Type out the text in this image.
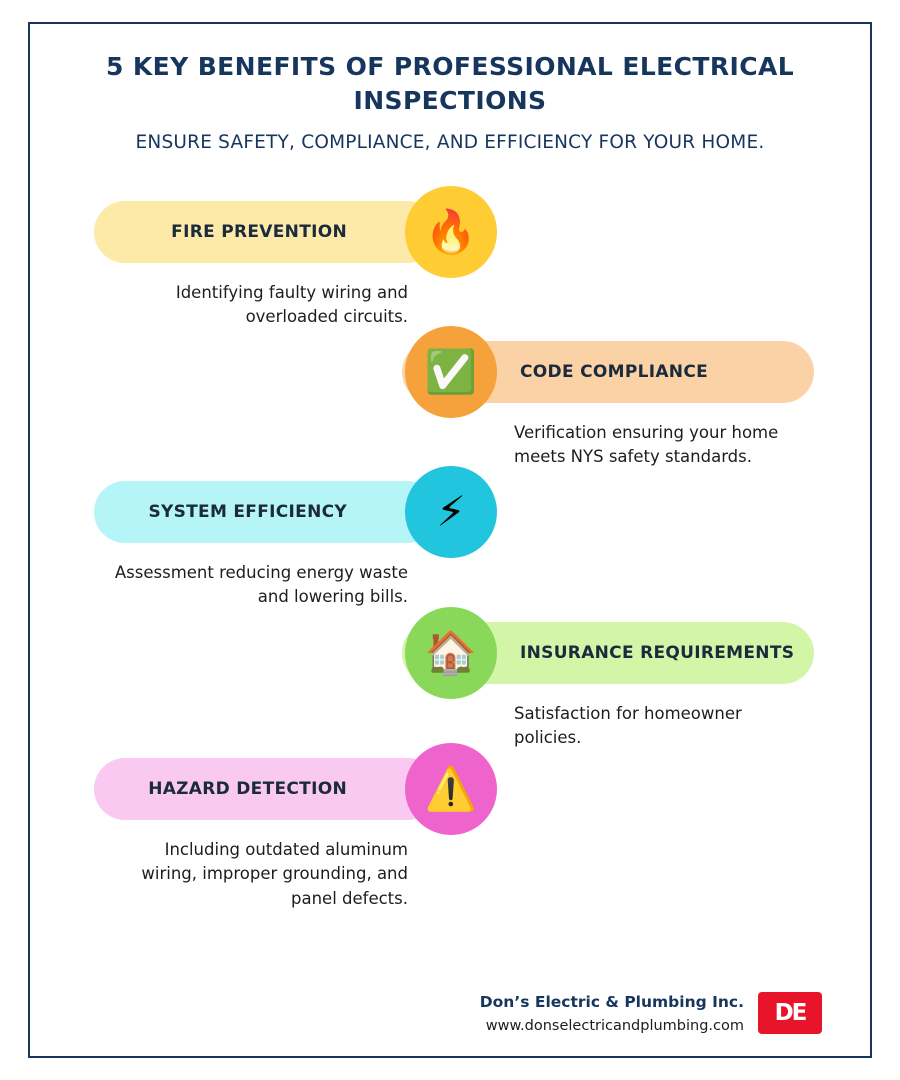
5 KEY BENEFITS OF PROFESSIONAL ELECTRICAL INSPECTIONS
ENSURE SAFETY, COMPLIANCE, AND EFFICIENCY FOR YOUR HOME.
FIRE PREVENTION 🔥
Identifying faulty wiring and overloaded circuits.
CODE COMPLIANCE
✅
Verification ensuring your home meets NYS safety standards.
SYSTEM EFFICIENCY ⚡
Assessment reducing energy waste and lowering bills.
INSURANCE REQUIREMENTS
🏠
Satisfaction for homeowner policies.
HAZARD DETECTION ⚠️
Including outdated aluminum wiring, improper grounding, and panel defects.
Don’s Electric & Plumbing Inc.
www.donselectricandplumbing.com DE
